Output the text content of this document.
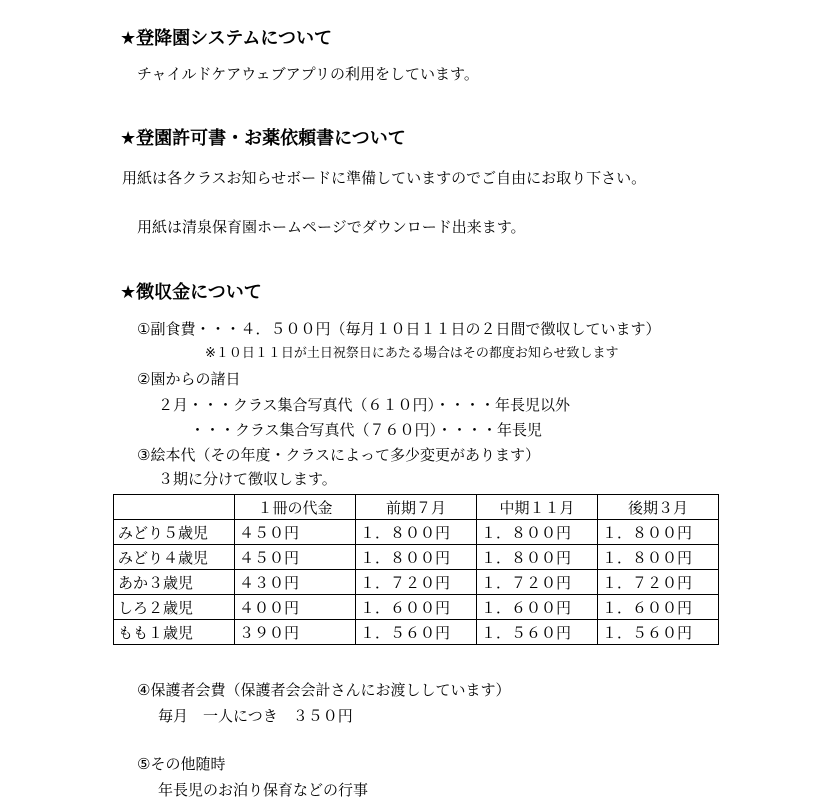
★登降園システムについて
チャイルドケアウェブアプリの利用をしています。
★登園許可書・お薬依頼書について
用紙は各クラスお知らせボードに準備していますのでご自由にお取り下さい。
用紙は清泉保育園ホームページでダウンロード出来ます。
★徴収金について
①副食費・・・４．５００円（毎月１０日１１日の２日間で徴収しています）
※１０日１１日が土日祝祭日にあたる場合はその都度お知らせ致します
②園からの諸日
２月・・・クラス集合写真代（６１０円）・・・・年長児以外
・・・クラス集合写真代（７６０円）・・・・年長児
③絵本代（その年度・クラスによって多少変更があります）
３期に分けて徴収します。
	１冊の代金	前期７月	中期１１月	後期３月
みどり５歳児	４５０円	１．８００円	１．８００円	１．８００円
みどり４歳児	４５０円	１．８００円	１．８００円	１．８００円
あか３歳児	４３０円	１．７２０円	１．７２０円	１．７２０円
しろ２歳児	４００円	１．６００円	１．６００円	１．６００円
もも１歳児	３９０円	１．５６０円	１．５６０円	１．５６０円
④保護者会費（保護者会会計さんにお渡ししています）
毎月　一人につき　３５０円
⑤その他随時
年長児のお泊り保育などの行事
